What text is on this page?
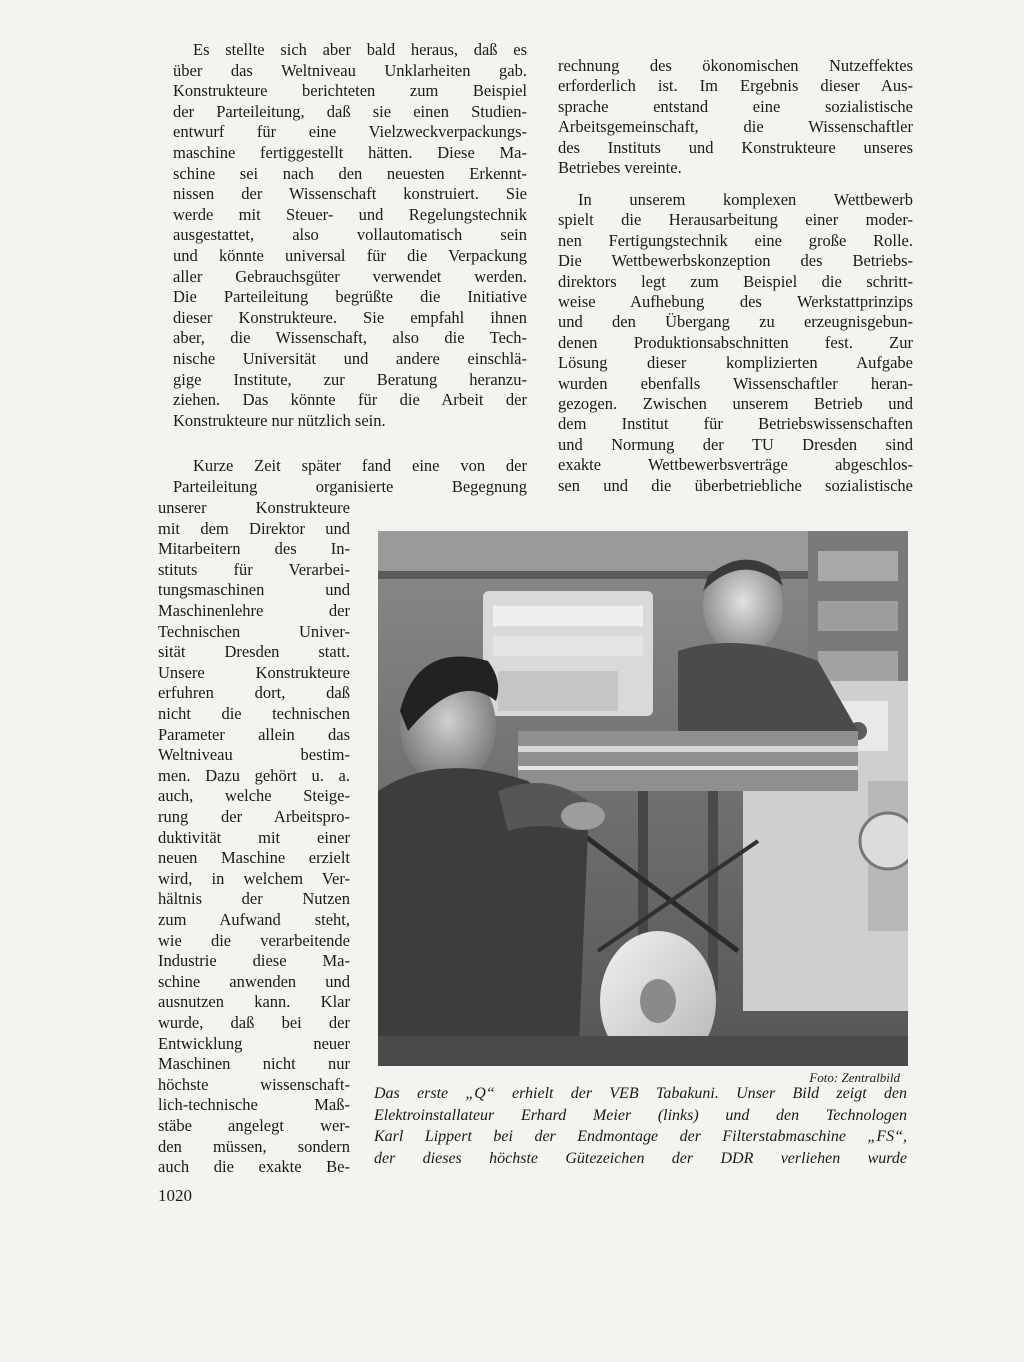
Es stellte sich aber bald heraus, daß es
über das Weltniveau Unklarheiten gab.
Konstrukteure berichteten zum Beispiel
der Parteileitung, daß sie einen Studien-
entwurf für eine Vielzweckverpackungs-
maschine fertiggestellt hätten. Diese Ma-
schine sei nach den neuesten Erkennt-
nissen der Wissenschaft konstruiert. Sie
werde mit Steuer- und Regelungstechnik
ausgestattet, also vollautomatisch sein
und könnte universal für die Verpackung
aller Gebrauchsgüter verwendet werden.
Die Parteileitung begrüßte die Initiative
dieser Konstrukteure. Sie empfahl ihnen
aber, die Wissenschaft, also die Tech-
nische Universität und andere einschlä-
gige Institute, zur Beratung heranzu-
ziehen. Das könnte für die Arbeit der
Konstrukteure nur nützlich sein.
Kurze Zeit später fand eine von der
Parteileitung organisierte Begegnung
unserer Konstrukteure
mit dem Direktor und
Mitarbeitern des In-
stituts für Verarbei-
tungsmaschinen und
Maschinenlehre der
Technischen Univer-
sität Dresden statt.
Unsere Konstrukteure
erfuhren dort, daß
nicht die technischen
Parameter allein das
Weltniveau bestim-
men. Dazu gehört u. a.
auch, welche Steige-
rung der Arbeitspro-
duktivität mit einer
neuen Maschine erzielt
wird, in welchem Ver-
hältnis der Nutzen
zum Aufwand steht,
wie die verarbeitende
Industrie diese Ma-
schine anwenden und
ausnutzen kann. Klar
wurde, daß bei der
Entwicklung neuer
Maschinen nicht nur
höchste wissenschaft-
lich-technische Maß-
stäbe angelegt wer-
den müssen, sondern
auch die exakte Be-
rechnung des ökonomischen Nutzeffektes
erforderlich ist. Im Ergebnis dieser Aus-
sprache entstand eine sozialistische
Arbeitsgemeinschaft, die Wissenschaftler
des Instituts und Konstrukteure unseres
Betriebes vereinte.
In unserem komplexen Wettbewerb
spielt die Herausarbeitung einer moder-
nen Fertigungstechnik eine große Rolle.
Die Wettbewerbskonzeption des Betriebs-
direktors legt zum Beispiel die schritt-
weise Aufhebung des Werkstattprinzips
und den Übergang zu erzeugnisgebun-
denen Produktionsabschnitten fest. Zur
Lösung dieser komplizierten Aufgabe
wurden ebenfalls Wissenschaftler heran-
gezogen. Zwischen unserem Betrieb und
dem Institut für Betriebswissenschaften
und Normung der TU Dresden sind
exakte Wettbewerbsverträge abgeschlos-
sen und die überbetriebliche sozialistische
Foto: Zentralbild
Das erste „Q“ erhielt der VEB Tabakuni. Unser Bild zeigt den
Elektroinstallateur Erhard Meier (links) und den Technologen
Karl Lippert bei der Endmontage der Filterstabmaschine „FS“,
der dieses höchste Gütezeichen der DDR verliehen wurde
1020
